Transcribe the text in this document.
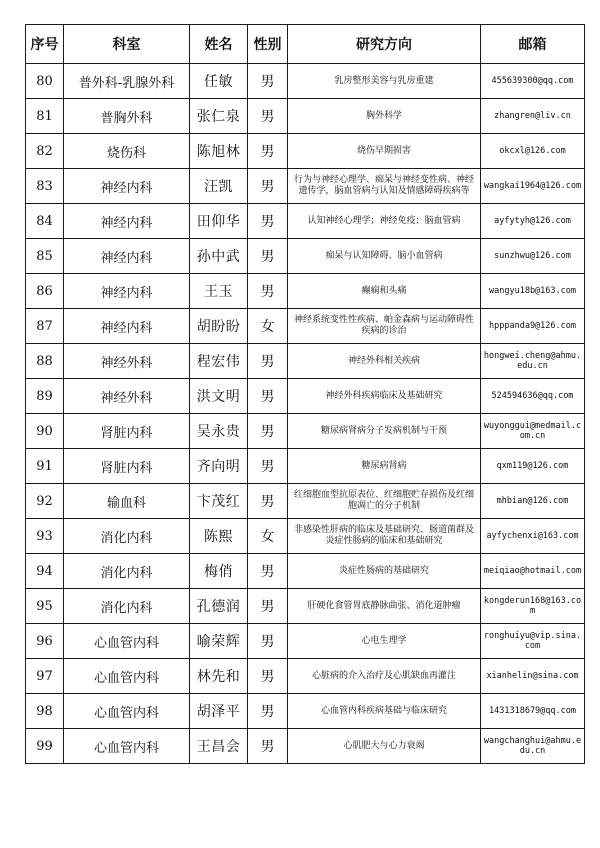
序号	科室	姓名	性别	研究方向	邮箱
80	普外科-乳腺外科	任敏	男	乳房整形美容与乳房重建	455639300@qq.com
81	普胸外科	张仁泉	男	胸外科学	zhangren@liv.cn
82	烧伤科	陈旭林	男	烧伤早期损害	okcxl@126.com
83	神经内科	汪凯	男	行为与神经心理学、痴呆与神经变性病、神经遗传学，脑血管病与认知及情感障碍疾病等	wangkai1964@126.com
84	神经内科	田仰华	男	认知神经心理学；神经免疫；脑血管病	ayfytyh@126.com
85	神经内科	孙中武	男	痴呆与认知障碍、脑小血管病	sunzhwu@126.com
86	神经内科	王玉	男	癫痫和头痛	wangyu18b@163.com
87	神经内科	胡盼盼	女	神经系统变性性疾病、帕金森病与运动障碍性疾病的诊治	hpppanda9@126.com
88	神经外科	程宏伟	男	神经外科相关疾病	hongwei.cheng@ahmu.edu.cn
89	神经外科	洪文明	男	神经外科疾病临床及基础研究	524594636@qq.com
90	肾脏内科	吴永贵	男	糖尿病肾病分子发病机制与干预	wuyonggui@medmail.com.cn
91	肾脏内科	齐向明	男	糖尿病肾病	qxm119@126.com
92	输血科	卞茂红	男	红细胞血型抗原表位、红细胞贮存损伤及红细胞凋亡的分子机制	mhbian@126.com
93	消化内科	陈熙	女	非感染性肝病的临床及基础研究、肠道菌群及炎症性肠病的临床和基础研究	ayfychenxi@163.com
94	消化内科	梅俏	男	炎症性肠病的基础研究	meiqiao@hotmail.com
95	消化内科	孔德润	男	肝硬化食管胃底静脉曲张、消化道肿瘤	kongderun168@163.com
96	心血管内科	喻荣辉	男	心电生理学	ronghuiyu@vip.sina.com
97	心血管内科	林先和	男	心脏病的介入治疗及心肌缺血再灌注	xianhelin@sina.com
98	心血管内科	胡泽平	男	心血管内科疾病基础与临床研究	1431318679@qq.com
99	心血管内科	王昌会	男	心肌肥大与心力衰竭	wangchanghui@ahmu.edu.cn
